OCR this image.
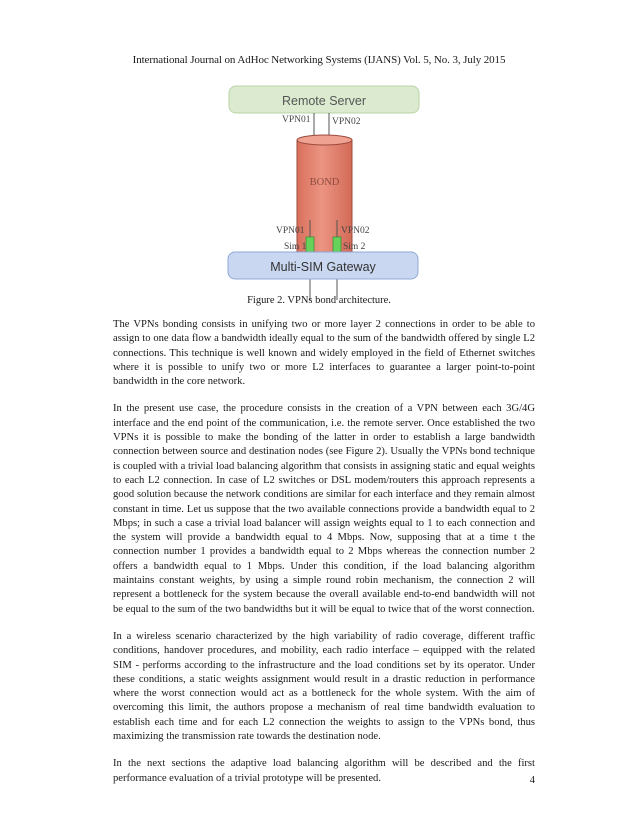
International Journal on AdHoc Networking Systems (IJANS) Vol. 5, No. 3, July 2015
Remote Server
VPN01 VPN02
BOND
VPN01	VPN02
Sim 1	Sim 2
Multi-SIM Gateway
Figure 2. VPNs bond architecture.

The VPNs bonding consists in unifying two or more layer 2 connections in order to be able to assign to one data flow a bandwidth ideally equal to the sum of the bandwidth offered by single L2 connections. This technique is well known and widely employed in the field of Ethernet switches where it is possible to unify two or more L2 interfaces to guarantee a larger point-to-point bandwidth in the core network.

In the present use case, the procedure consists in the creation of a VPN between each 3G/4G interface and the end point of the communication, i.e. the remote server. Once established the two VPNs it is possible to make the bonding of the latter in order to establish a large bandwidth connection between source and destination nodes (see Figure 2). Usually the VPNs bond technique is coupled with a trivial load balancing algorithm that consists in assigning static and equal weights to each L2 connection. In case of L2 switches or DSL modem/routers this approach represents a good solution because the network conditions are similar for each interface and they remain almost constant in time. Let us suppose that the two available connections provide a bandwidth equal to 2 Mbps; in such a case a trivial load balancer will assign weights equal to 1 to each connection and the system will provide a bandwidth equal to 4 Mbps. Now, supposing that at a time t the connection number 1 provides a bandwidth equal to 2 Mbps whereas the connection number 2 offers a bandwidth equal to 1 Mbps. Under this condition, if the load balancing algorithm maintains constant weights, by using a simple round robin mechanism, the connection 2 will represent a bottleneck for the system because the overall available end-to-end bandwidth will not be equal to the sum of the two bandwidths but it will be equal to twice that of the worst connection.

In a wireless scenario characterized by the high variability of radio coverage, different traffic conditions, handover procedures, and mobility, each radio interface – equipped with the related SIM - performs according to the infrastructure and the load conditions set by its operator. Under these conditions, a static weights assignment would result in a drastic reduction in performance where the worst connection would act as a bottleneck for the whole system. With the aim of overcoming this limit, the authors propose a mechanism of real time bandwidth evaluation to establish each time and for each L2 connection the weights to assign to the VPNs bond, thus maximizing the transmission rate towards the destination node.

In the next sections the adaptive load balancing algorithm will be described and the first performance evaluation of a trivial prototype will be presented.	4
